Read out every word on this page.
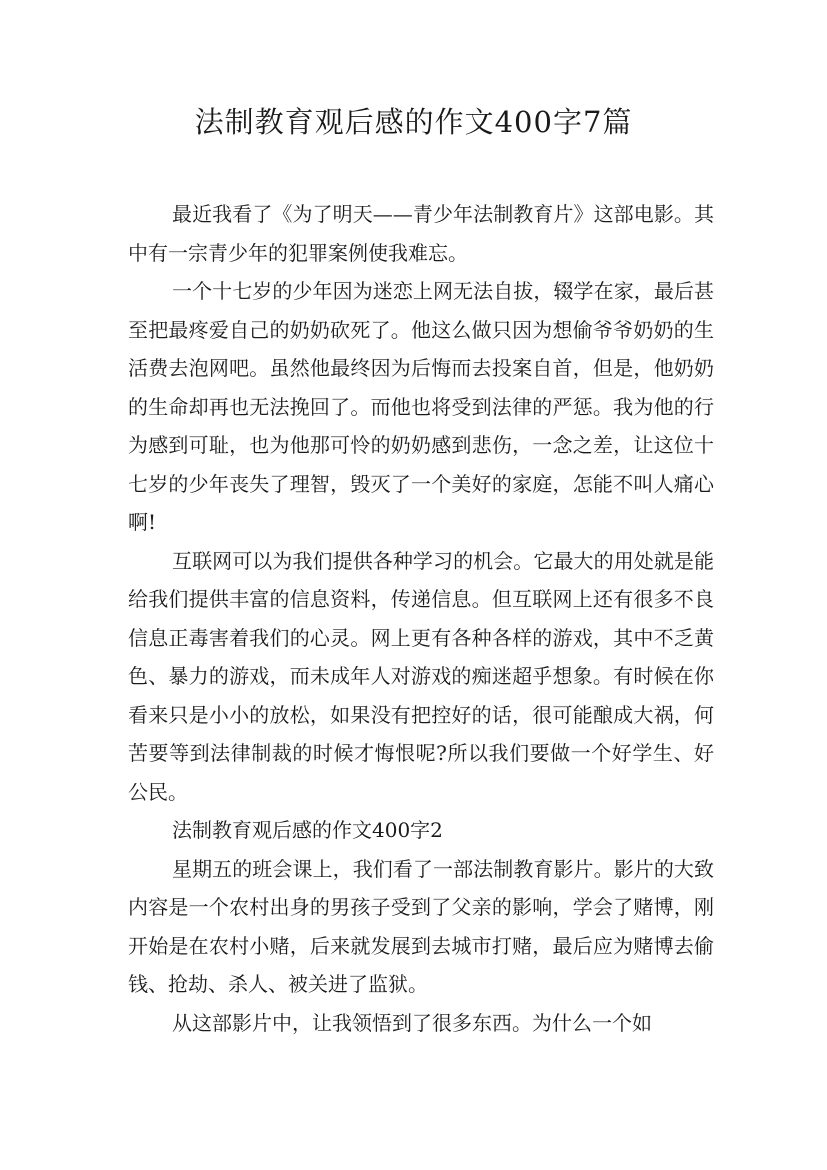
法制教育观后感的作文400字7篇

最近我看了《为了明天——青少年法制教育片》这部电影。其中有一宗青少年的犯罪案例使我难忘。

一个十七岁的少年因为迷恋上网无法自拔，辍学在家，最后甚至把最疼爱自己的奶奶砍死了。他这么做只因为想偷爷爷奶奶的生活费去泡网吧。虽然他最终因为后悔而去投案自首，但是，他奶奶的生命却再也无法挽回了。而他也将受到法律的严惩。我为他的行为感到可耻，也为他那可怜的奶奶感到悲伤，一念之差，让这位十七岁的少年丧失了理智，毁灭了一个美好的家庭，怎能不叫人痛心啊!

互联网可以为我们提供各种学习的机会。它最大的用处就是能给我们提供丰富的信息资料，传递信息。但互联网上还有很多不良信息正毒害着我们的心灵。网上更有各种各样的游戏，其中不乏黄色、暴力的游戏，而未成年人对游戏的痴迷超乎想象。有时候在你看来只是小小的放松，如果没有把控好的话，很可能酿成大祸，何苦要等到法律制裁的时候才悔恨呢?所以我们要做一个好学生、好公民。

法制教育观后感的作文400字2

星期五的班会课上，我们看了一部法制教育影片。影片的大致内容是一个农村出身的男孩子受到了父亲的影响，学会了赌博，刚开始是在农村小赌，后来就发展到去城市打赌，最后应为赌博去偷钱、抢劫、杀人、被关进了监狱。

从这部影片中，让我领悟到了很多东西。为什么一个如
